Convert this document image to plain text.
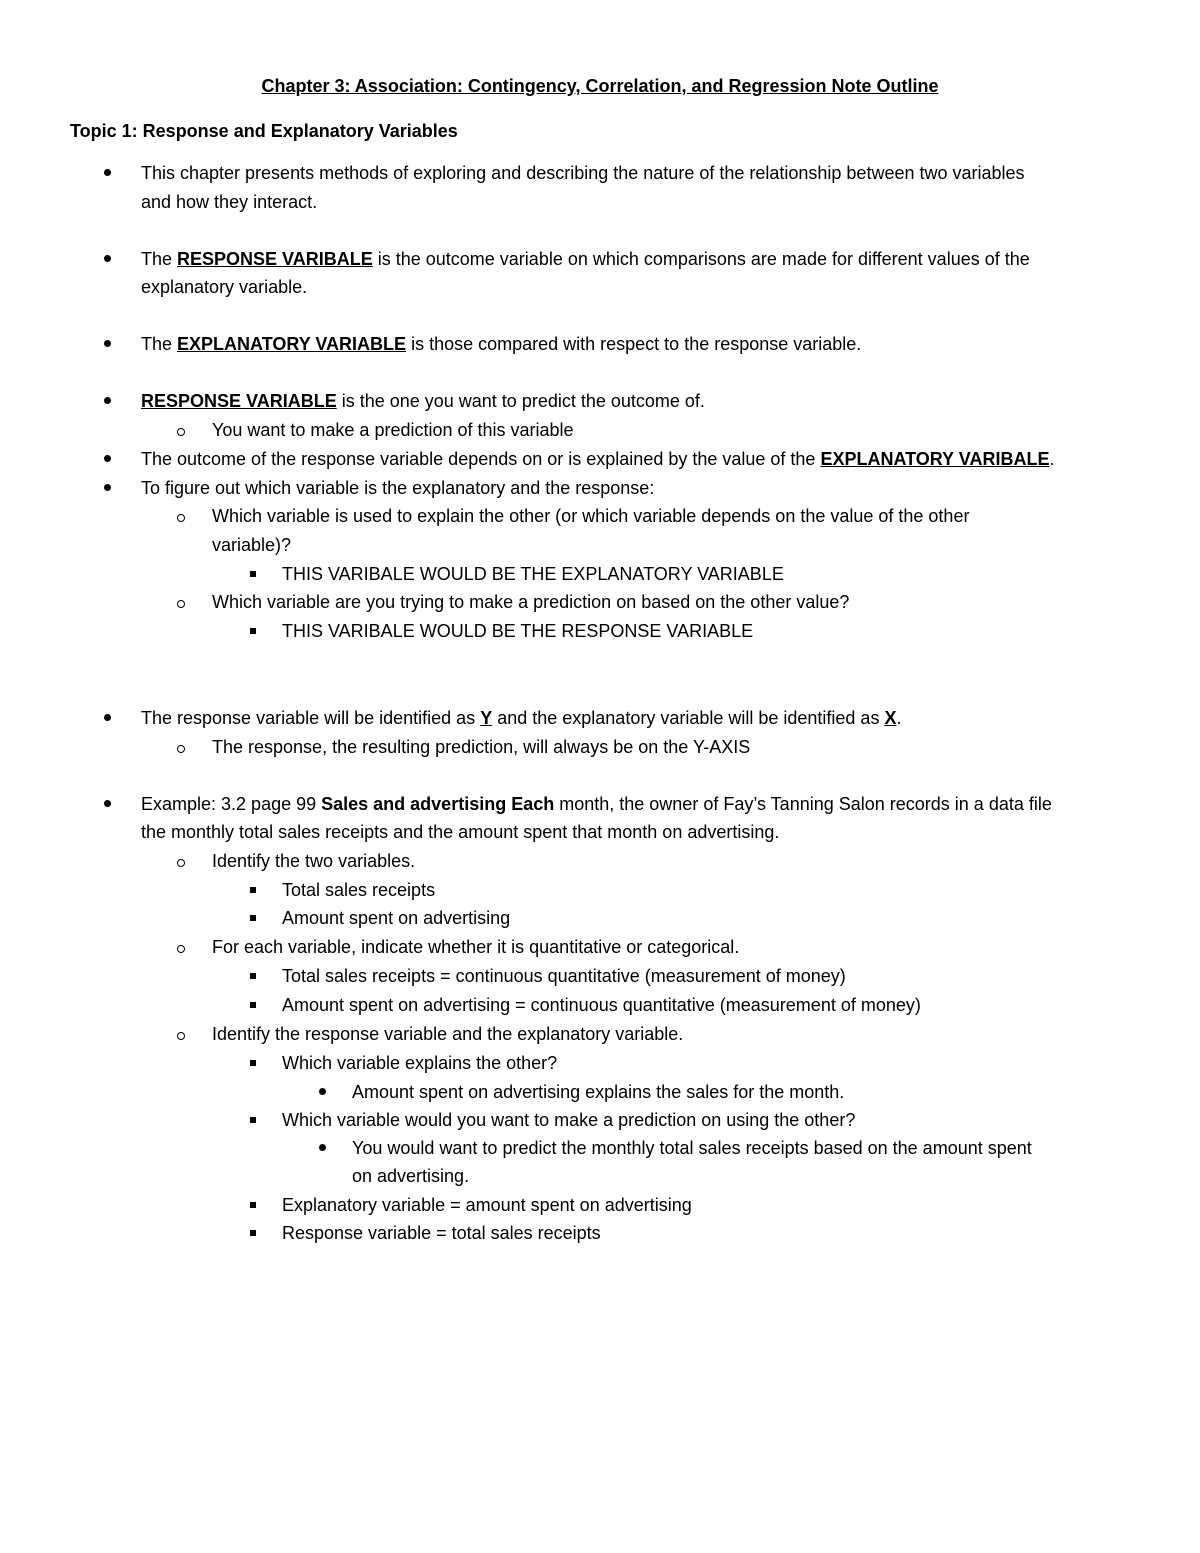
Chapter 3: Association: Contingency, Correlation, and Regression Note Outline
Topic 1: Response and Explanatory Variables
This chapter presents methods of exploring and describing the nature of the relationship between two variables
and how they interact.
The RESPONSE VARIBALE is the outcome variable on which comparisons are made for different values of the
explanatory variable.
The EXPLANATORY VARIABLE is those compared with respect to the response variable.
RESPONSE VARIABLE is the one you want to predict the outcome of.
You want to make a prediction of this variable
The outcome of the response variable depends on or is explained by the value of the EXPLANATORY VARIBALE.
To figure out which variable is the explanatory and the response:
Which variable is used to explain the other (or which variable depends on the value of the other
variable)?
THIS VARIBALE WOULD BE THE EXPLANATORY VARIABLE
Which variable are you trying to make a prediction on based on the other value?
THIS VARIBALE WOULD BE THE RESPONSE VARIABLE
The response variable will be identified as Y and the explanatory variable will be identified as X.
The response, the resulting prediction, will always be on the Y-AXIS
Example: 3.2 page 99 Sales and advertising Each month, the owner of Fay’s Tanning Salon records in a data file
the monthly total sales receipts and the amount spent that month on advertising.
Identify the two variables.
Total sales receipts
Amount spent on advertising
For each variable, indicate whether it is quantitative or categorical.
Total sales receipts = continuous quantitative (measurement of money)
Amount spent on advertising = continuous quantitative (measurement of money)
Identify the response variable and the explanatory variable.
Which variable explains the other?
Amount spent on advertising explains the sales for the month.
Which variable would you want to make a prediction on using the other?
You would want to predict the monthly total sales receipts based on the amount spent
on advertising.
Explanatory variable = amount spent on advertising
Response variable = total sales receipts
